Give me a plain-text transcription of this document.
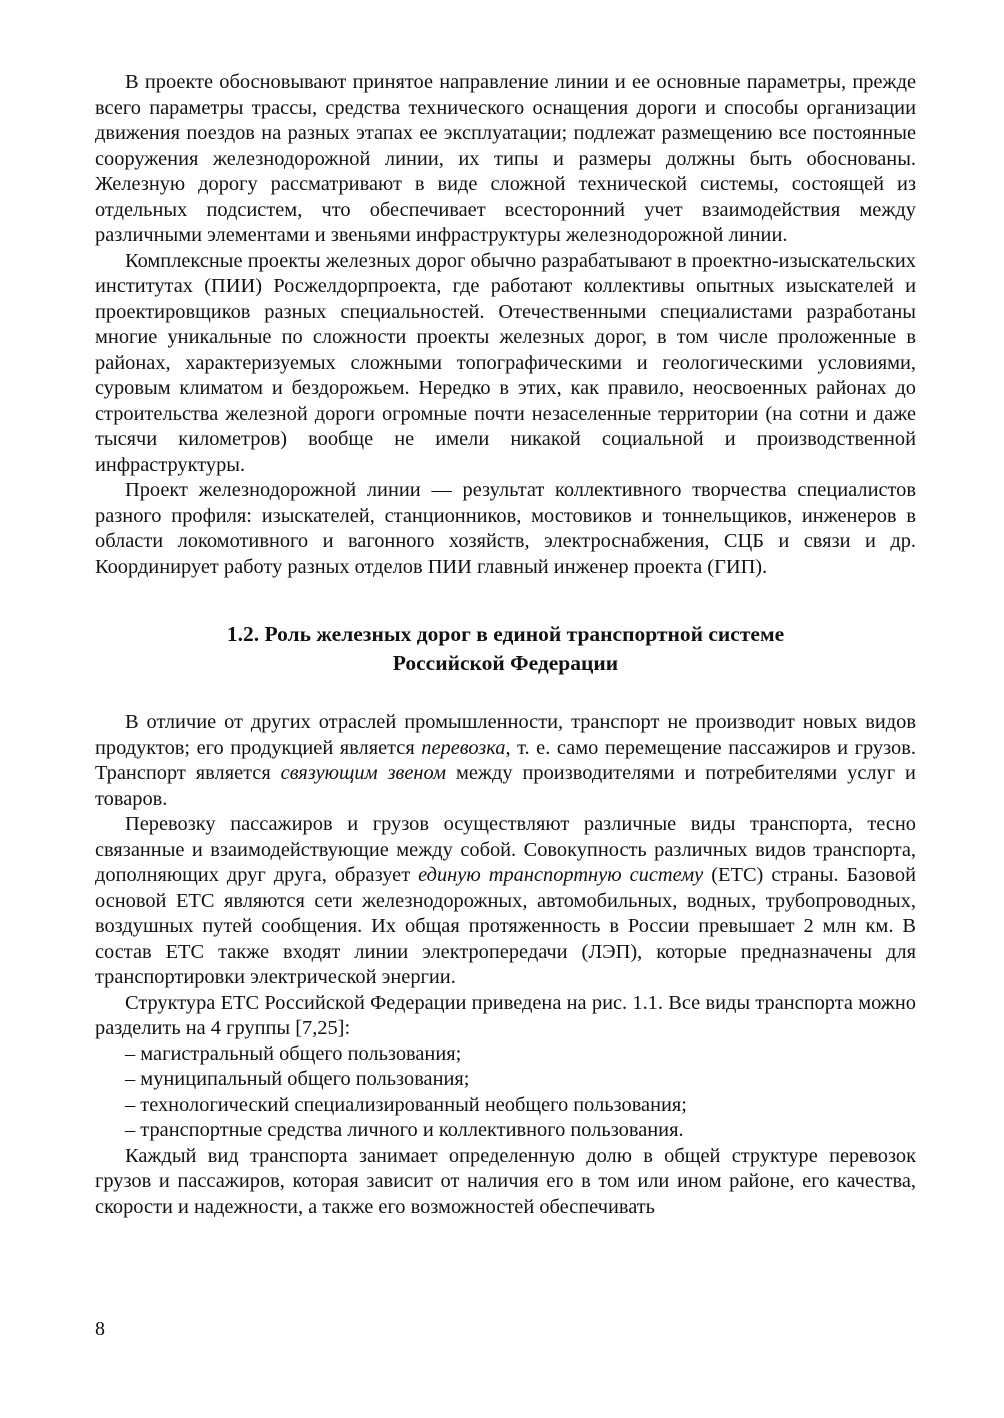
В проекте обосновывают принятое направление линии и ее основные параметры, прежде всего параметры трассы, средства технического оснащения дороги и способы организации движения поездов на разных этапах ее эксплуатации; подлежат размещению все постоянные сооружения железнодорожной линии, их типы и размеры должны быть обоснованы. Железную дорогу рассматривают в виде сложной технической системы, состоящей из отдельных подсистем, что обеспечивает всесторонний учет взаимодействия между различными элементами и звеньями инфраструктуры железнодорожной линии.

Комплексные проекты железных дорог обычно разрабатывают в проектно-изыскательских институтах (ПИИ) Росжелдорпроекта, где работают коллективы опытных изыскателей и проектировщиков разных специальностей. Отечественными специалистами разработаны многие уникальные по сложности проекты железных дорог, в том числе проложенные в районах, характеризуемых сложными топографическими и геологическими условиями, суровым климатом и бездорожьем. Нередко в этих, как правило, неосвоенных районах до строительства железной дороги огромные почти незаселенные территории (на сотни и даже тысячи километров) вообще не имели никакой социальной и производственной инфраструктуры.

Проект железнодорожной линии — результат коллективного творчества специалистов разного профиля: изыскателей, станционников, мостовиков и тоннельщиков, инженеров в области локомотивного и вагонного хозяйств, электроснабжения, СЦБ и связи и др. Координирует работу разных отделов ПИИ главный инженер проекта (ГИП).

1.2. Роль железных дорог в единой транспортной системе
Российской Федерации

В отличие от других отраслей промышленности, транспорт не производит новых видов продуктов; его продукцией является перевозка, т. е. само перемещение пассажиров и грузов. Транспорт является связующим звеном между производителями и потребителями услуг и товаров.

Перевозку пассажиров и грузов осуществляют различные виды транспорта, тесно связанные и взаимодействующие между собой. Совокупность различных видов транспорта, дополняющих друг друга, образует единую транспортную систему (ЕТС) страны. Базовой основой ЕТС являются сети железнодорожных, автомобильных, водных, трубопроводных, воздушных путей сообщения. Их общая протяженность в России превышает 2 млн км. В состав ЕТС также входят линии электропередачи (ЛЭП), которые предназначены для транспортировки электрической энергии.

Структура ЕТС Российской Федерации приведена на рис. 1.1. Все виды транспорта можно разделить на 4 группы [7,25]:

– магистральный общего пользования;
– муниципальный общего пользования;
– технологический специализированный необщего пользования;
– транспортные средства личного и коллективного пользования.

Каждый вид транспорта занимает определенную долю в общей структуре перевозок грузов и пассажиров, которая зависит от наличия его в том или ином районе, его качества, скорости и надежности, а также его возможностей обеспечивать

8
